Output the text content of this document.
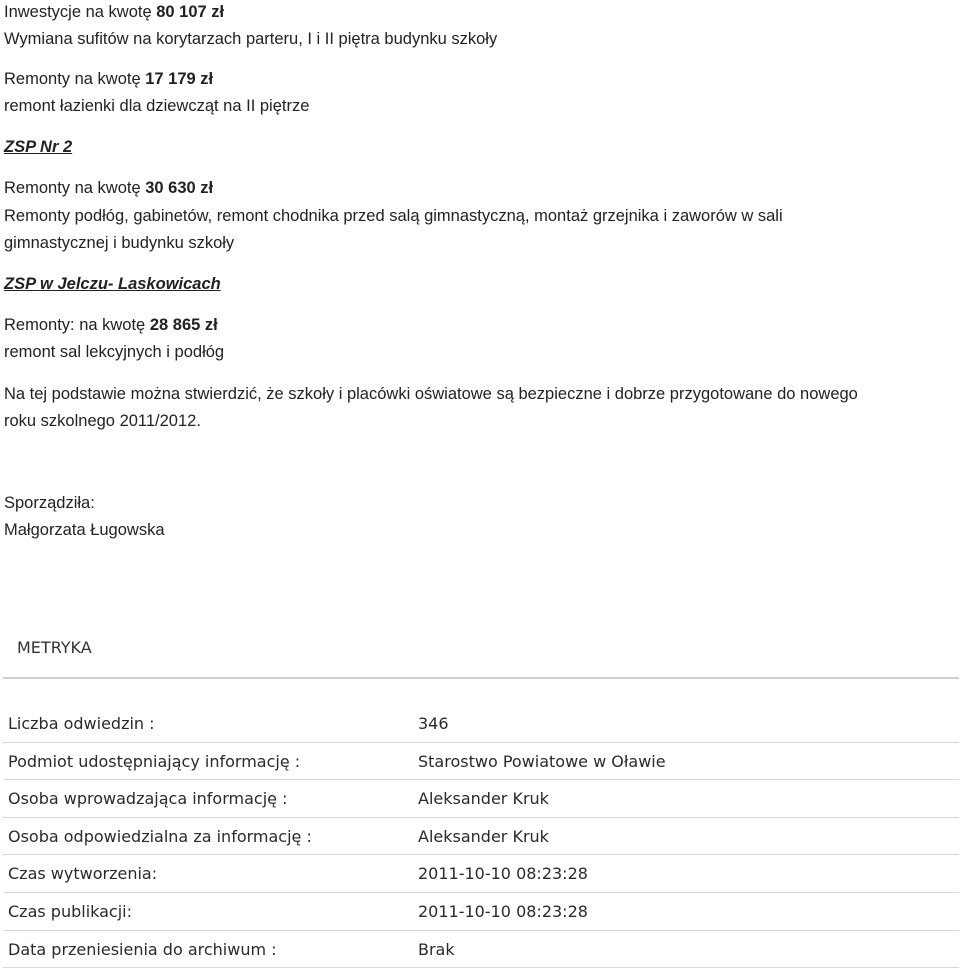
Inwestycje na kwotę 80 107 zł
Wymiana sufitów na korytarzach parteru, I i II piętra budynku szkoły
Remonty na kwotę 17 179 zł
remont łazienki dla dziewcząt na II piętrze
ZSP Nr 2
Remonty na kwotę 30 630 zł
Remonty podłóg, gabinetów, remont chodnika przed salą gimnastyczną, montaż grzejnika i zaworów w sali
gimnastycznej i budynku szkoły
ZSP w Jelczu- Laskowicach
Remonty: na kwotę 28 865 zł
remont sal lekcyjnych i podłóg
Na tej podstawie można stwierdzić, że szkoły i placówki oświatowe są bezpieczne i dobrze przygotowane do nowego
roku szkolnego 2011/2012.
Sporządziła:
Małgorzata Ługowska
METRYKA
Liczba odwiedzin :	346
Podmiot udostępniający informację :	Starostwo Powiatowe w Oławie
Osoba wprowadzająca informację :	Aleksander Kruk
Osoba odpowiedzialna za informację :	Aleksander Kruk
Czas wytworzenia:	2011-10-10 08:23:28
Czas publikacji:	2011-10-10 08:23:28
Data przeniesienia do archiwum :	Brak
